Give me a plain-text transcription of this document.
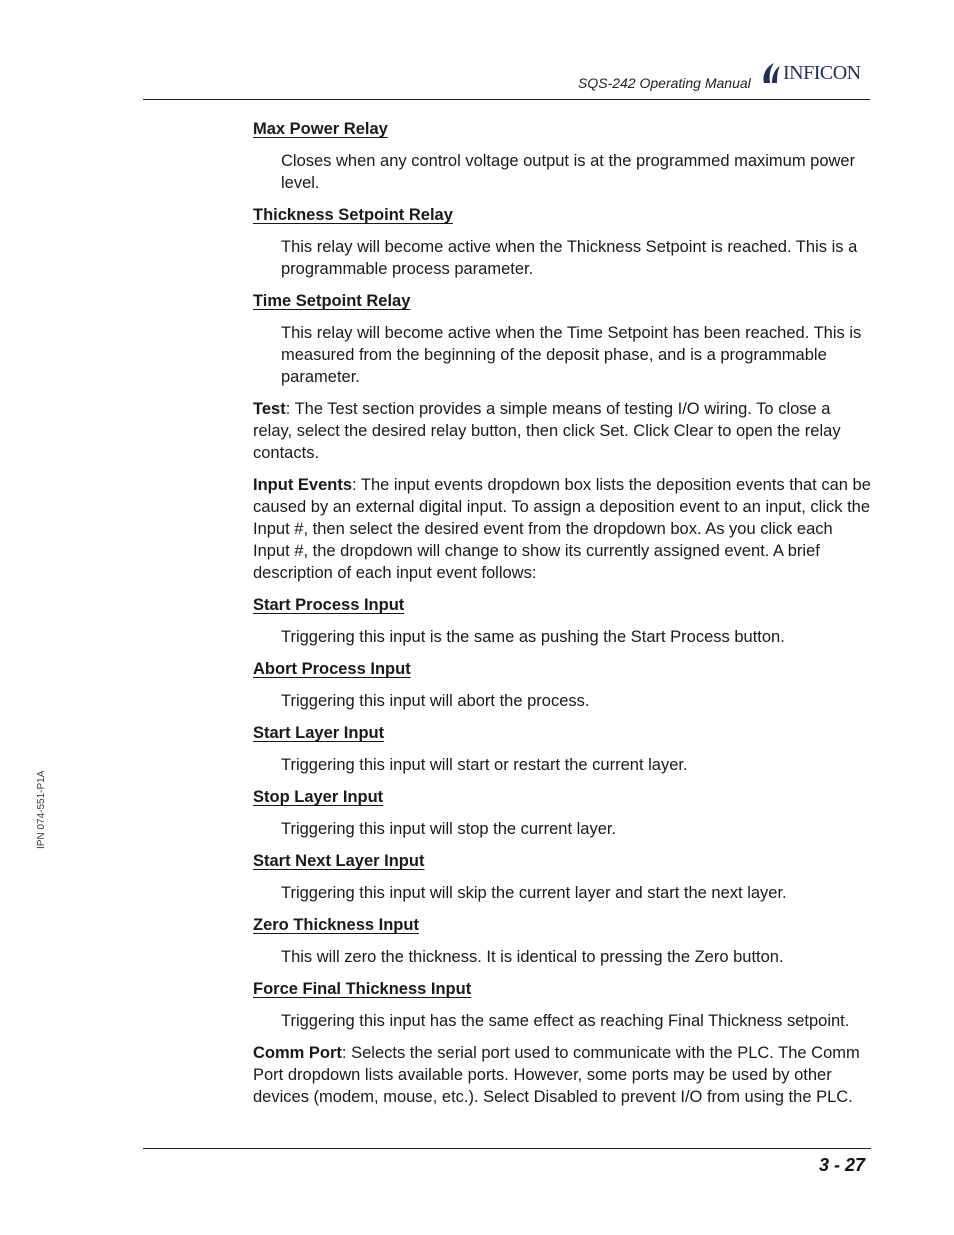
SQS-242 Operating Manual INFICON
IPN 074-551-P1A

Max Power Relay

Closes when any control voltage output is at the programmed maximum power level.

Thickness Setpoint Relay

This relay will become active when the Thickness Setpoint is reached. This is a programmable process parameter.

Time Setpoint Relay

This relay will become active when the Time Setpoint has been reached. This is measured from the beginning of the deposit phase, and is a programmable parameter.

Test: The Test section provides a simple means of testing I/O wiring. To close a relay, select the desired relay button, then click Set. Click Clear to open the relay contacts.

Input Events: The input events dropdown box lists the deposition events that can be caused by an external digital input. To assign a deposition event to an input, click the Input #, then select the desired event from the dropdown box. As you click each Input #, the dropdown will change to show its currently assigned event. A brief description of each input event follows:

Start Process Input

Triggering this input is the same as pushing the Start Process button.

Abort Process Input

Triggering this input will abort the process.

Start Layer Input

Triggering this input will start or restart the current layer.

Stop Layer Input

Triggering this input will stop the current layer.

Start Next Layer Input

Triggering this input will skip the current layer and start the next layer.

Zero Thickness Input

This will zero the thickness. It is identical to pressing the Zero button.

Force Final Thickness Input

Triggering this input has the same effect as reaching Final Thickness setpoint.

Comm Port: Selects the serial port used to communicate with the PLC. The Comm Port dropdown lists available ports. However, some ports may be used by other devices (modem, mouse, etc.). Select Disabled to prevent I/O from using the PLC.

3 - 27
